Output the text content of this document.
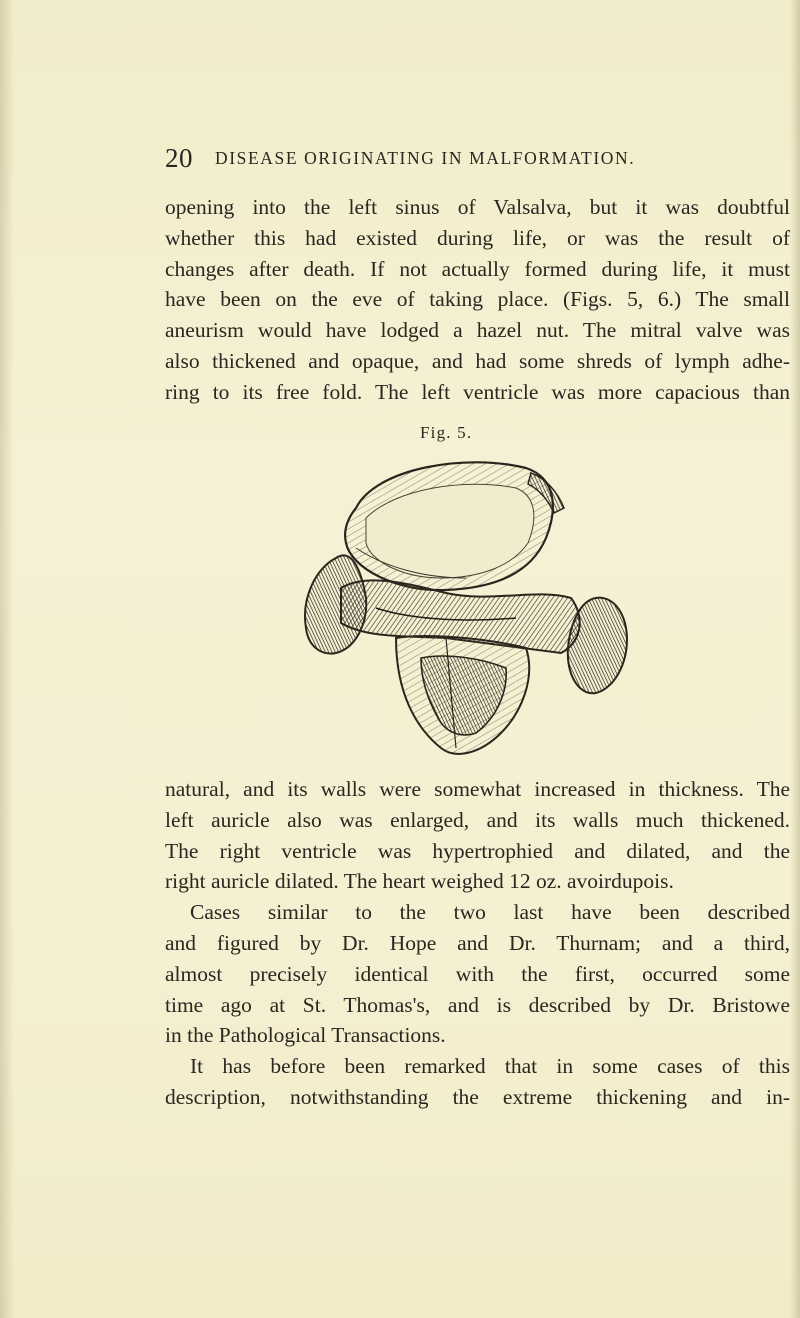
20 DISEASE ORIGINATING IN MALFORMATION.
opening into the left sinus of Valsalva, but it was doubtful
whether this had existed during life, or was the result of
changes after death. If not actually formed during life, it must
have been on the eve of taking place. (Figs. 5, 6.) The small
aneurism would have lodged a hazel nut. The mitral valve was
also thickened and opaque, and had some shreds of lymph adhe-
ring to its free fold. The left ventricle was more capacious than
Fig. 5.
natural, and its walls were somewhat increased in thickness. The
left auricle also was enlarged, and its walls much thickened.
The right ventricle was hypertrophied and dilated, and the
right auricle dilated. The heart weighed 12 oz. avoirdupois.
Cases similar to the two last have been described
and figured by Dr. Hope and Dr. Thurnam; and a third,
almost precisely identical with the first, occurred some
time ago at St. Thomas's, and is described by Dr. Bristowe
in the Pathological Transactions.
It has before been remarked that in some cases of this
description, notwithstanding the extreme thickening and in-
